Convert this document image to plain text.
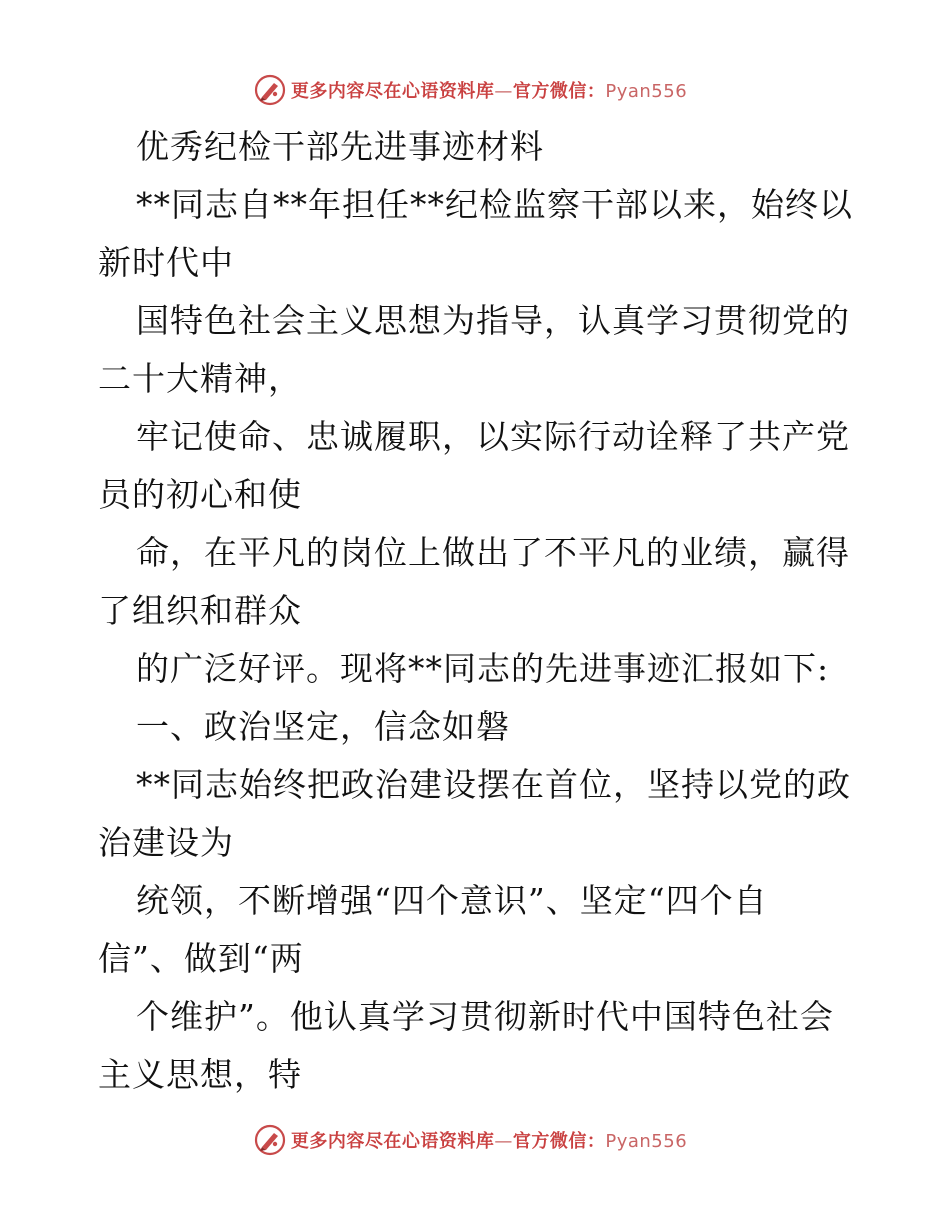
更多内容尽在心语资料库—官方微信：Pyan556
优秀纪检干部先进事迹材料
**同志自**年担任**纪检监察干部以来，始终以
新时代中
国特色社会主义思想为指导，认真学习贯彻党的
二十大精神，
牢记使命、忠诚履职，以实际行动诠释了共产党
员的初心和使
命，在平凡的岗位上做出了不平凡的业绩，赢得
了组织和群众
的广泛好评。现将**同志的先进事迹汇报如下:
一、政治坚定，信念如磐
**同志始终把政治建设摆在首位，坚持以党的政
治建设为
统领，不断增强“四个意识”、坚定“四个自
信”、做到“两
个维护”。他认真学习贯彻新时代中国特色社会
主义思想，特
更多内容尽在心语资料库—官方微信：Pyan556
